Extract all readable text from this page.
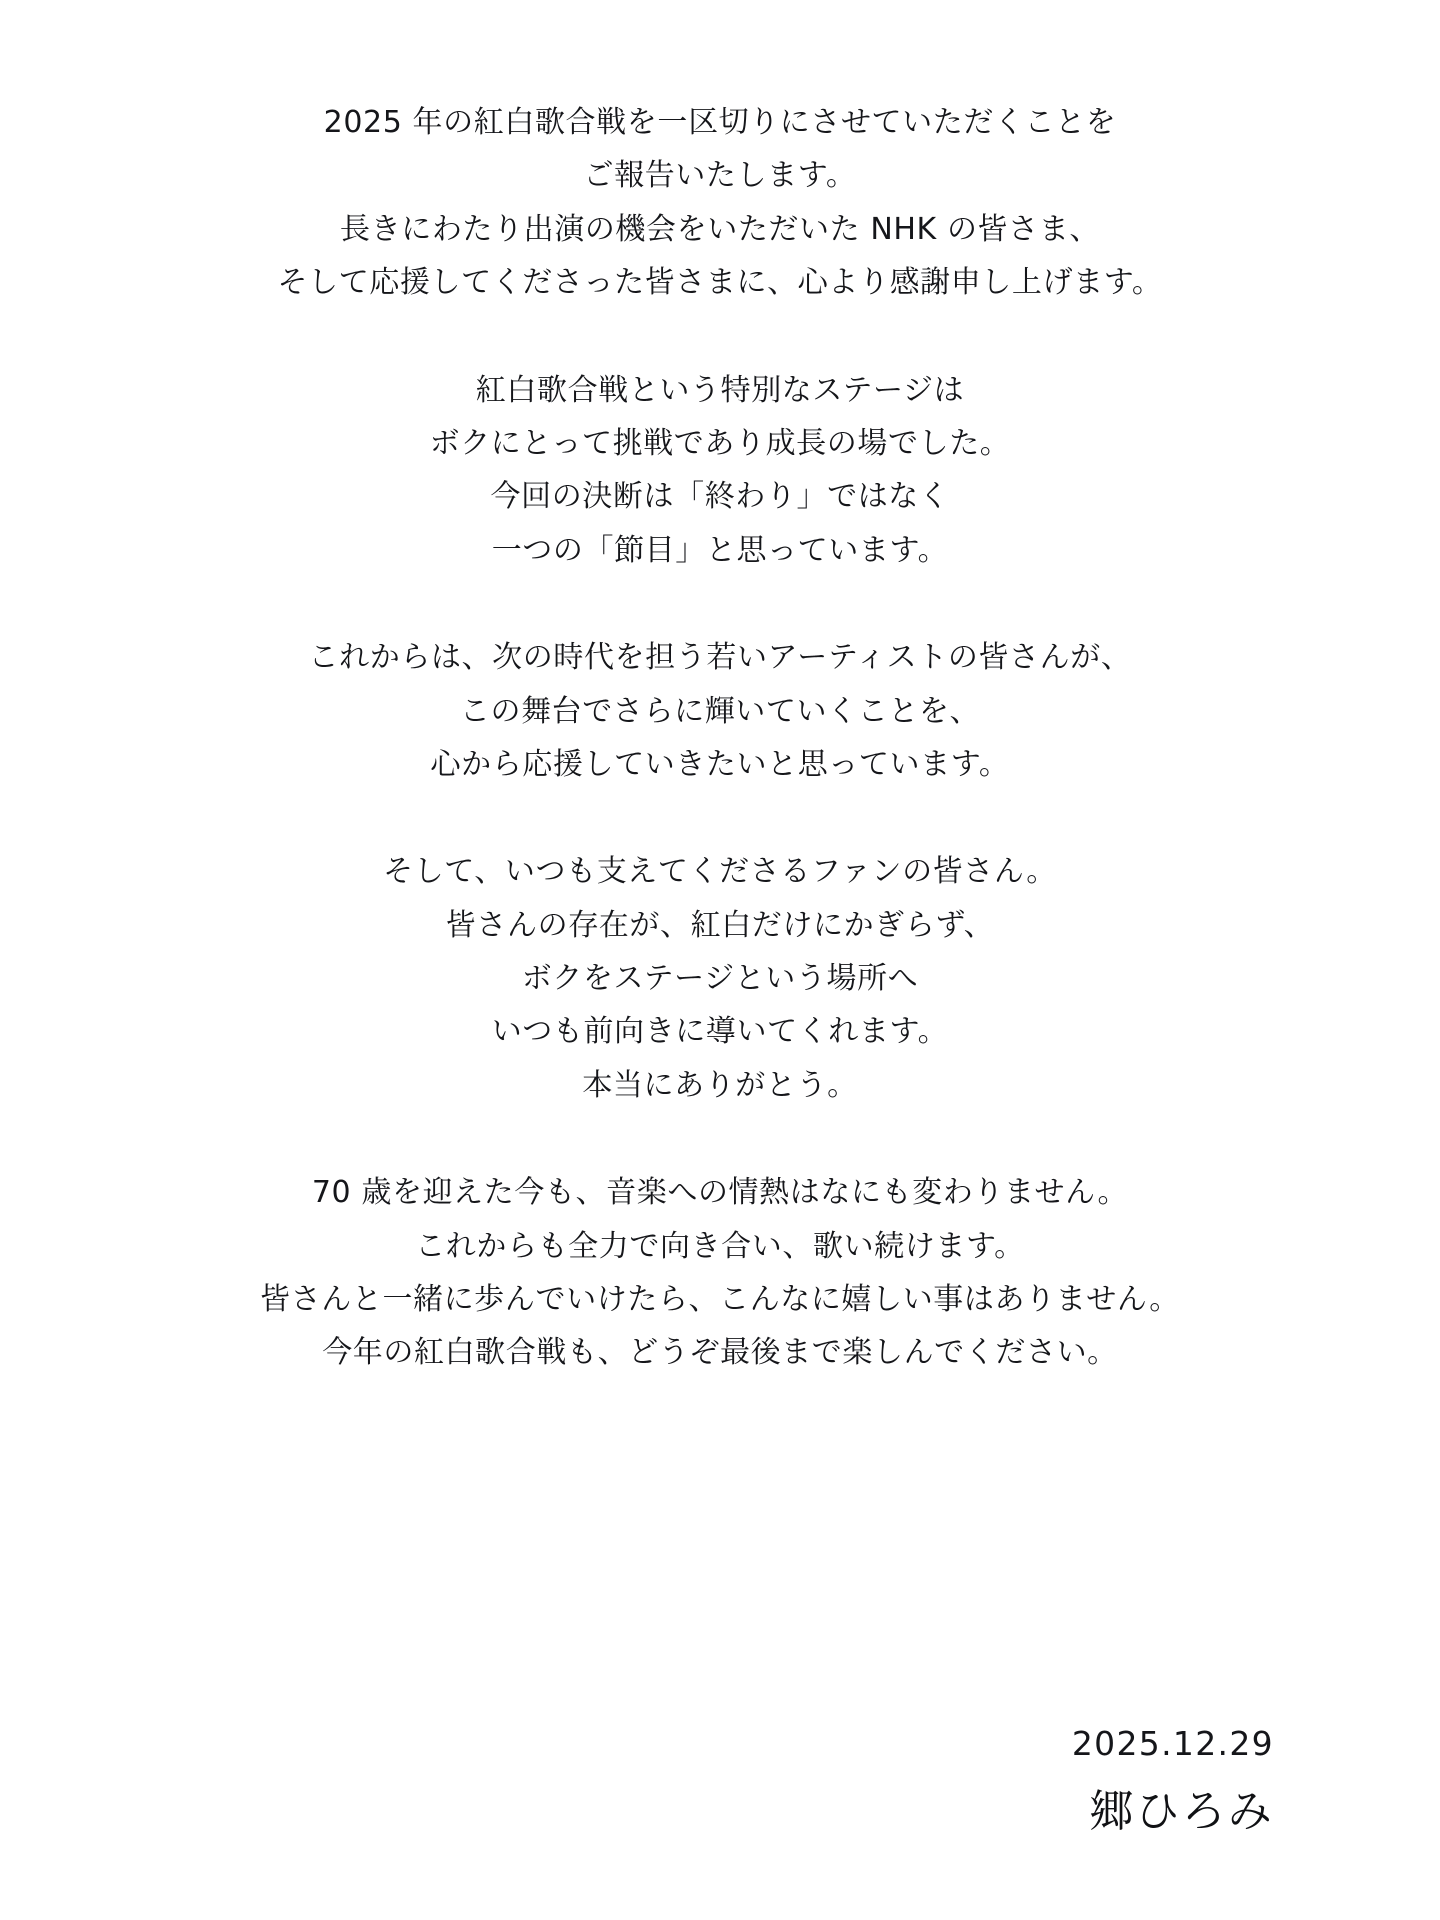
2025 年の紅白歌合戦を一区切りにさせていただくことを
ご報告いたします。
長きにわたり出演の機会をいただいた NHK の皆さま、
そして応援してくださった皆さまに、心より感謝申し上げます。
紅白歌合戦という特別なステージは
ボクにとって挑戦であり成長の場でした。
今回の決断は「終わり」ではなく
一つの「節目」と思っています。
これからは、次の時代を担う若いアーティストの皆さんが、
この舞台でさらに輝いていくことを、
心から応援していきたいと思っています。
そして、いつも支えてくださるファンの皆さん。
皆さんの存在が、紅白だけにかぎらず、
ボクをステージという場所へ
いつも前向きに導いてくれます。
本当にありがとう。
70 歳を迎えた今も、音楽への情熱はなにも変わりません。
これからも全力で向き合い、歌い続けます。
皆さんと一緒に歩んでいけたら、こんなに嬉しい事はありません。
今年の紅白歌合戦も、どうぞ最後まで楽しんでください。
2025.12.29
郷ひろみ
